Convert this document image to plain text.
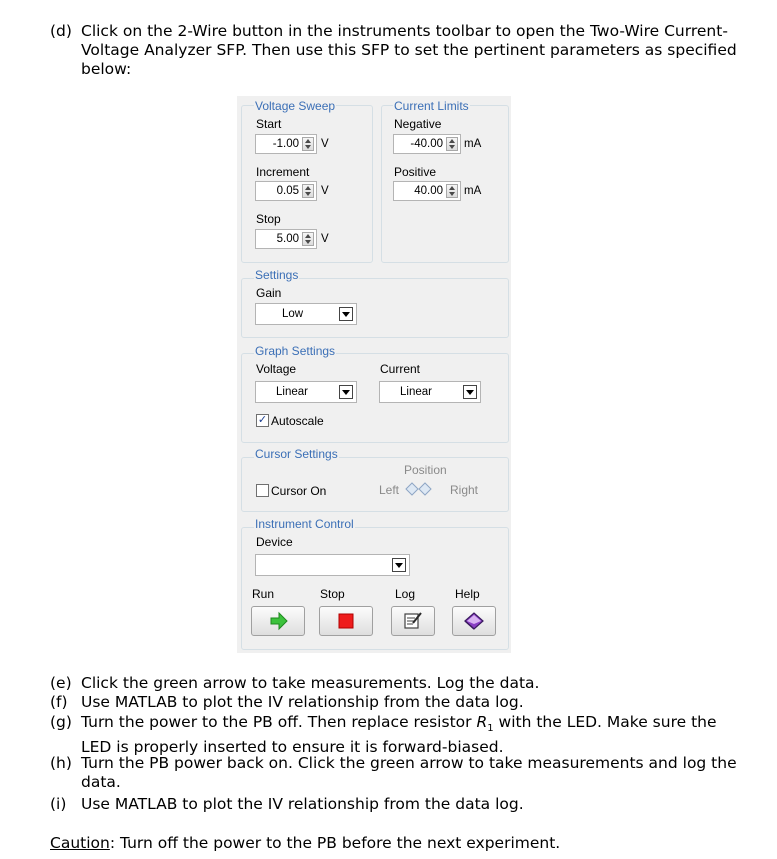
(d) Click on the 2-Wire button in the instruments toolbar to open the Two-Wire Current-Voltage Analyzer SFP. Then use this SFP to set the pertinent parameters as specified below:
Voltage Sweep
Start
-1.00 V
Increment
0.05 V
Stop
5.00 V
Current Limits
Negative
-40.00 mA
Positive
40.00 mA
Settings
Gain
Low
Graph Settings
Voltage
Linear
Current
Linear
✓ Autoscale
Cursor Settings
Cursor On
Position
Left	Right
Instrument Control
Device
Run	Stop	Log	Help
(e) Click the green arrow to take measurements. Log the data.
(f) Use MATLAB to plot the IV relationship from the data log.
(g) Turn the power to the PB off. Then replace resistor $R_1$ with the LED. Make sure the LED is properly inserted to ensure it is forward-biased.
(h) Turn the PB power back on. Click the green arrow to take measurements and log the data.
(i) Use MATLAB to plot the IV relationship from the data log.
Caution: Turn off the power to the PB before the next experiment.
